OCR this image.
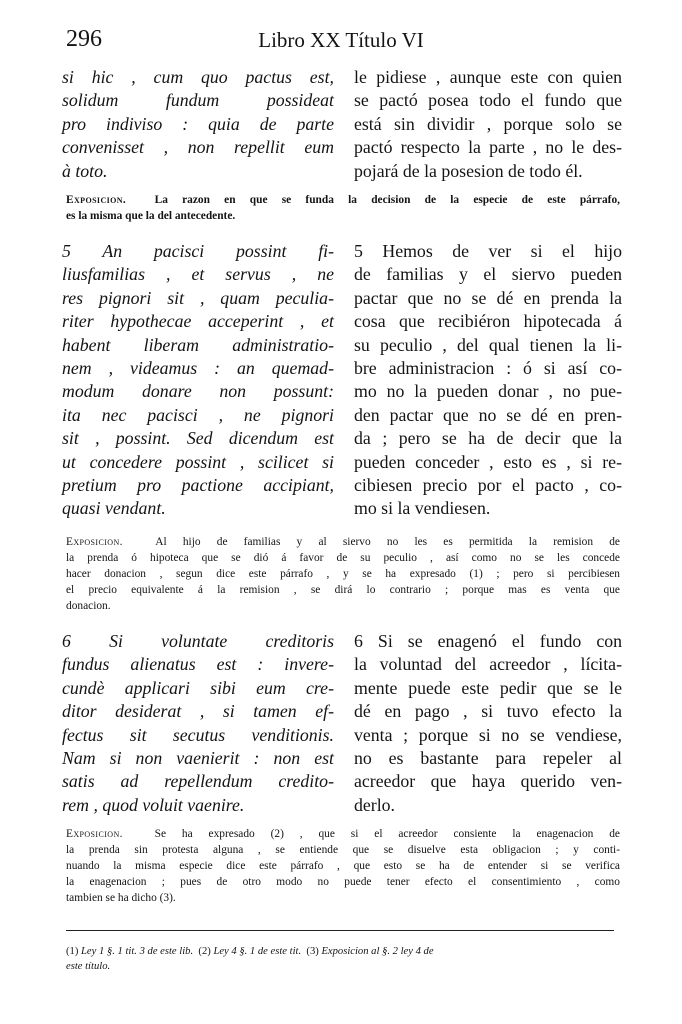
296	Libro XX Título VI
si hic , cum quo pactus est,
solidum fundum possideat
pro indiviso : quia de parte
convenisset , non repellit eum
à toto.
le pidiese , aunque este con quien
se pactó posea todo el fundo que
está sin dividir , porque solo se
pactó respecto la parte , no le des-
pojará de la posesion de todo él.
Exposicion. La razon en que se funda la decision de la especie de este párrafo,
es la misma que la del antecedente.
5 An pacisci possint fi-
liusfamilias , et servus , ne
res pignori sit , quam peculia-
riter hypothecae acceperint , et
habent liberam administratio-
nem , videamus : an quemad-
modum donare non possunt:
ita nec pacisci , ne pignori
sit , possint. Sed dicendum est
ut concedere possint , scilicet si
pretium pro pactione accipiant,
quasi vendant.
5 Hemos de ver si el hijo
de familias y el siervo pueden
pactar que no se dé en prenda la
cosa que recibiéron hipotecada á
su peculio , del qual tienen la li-
bre administracion : ó si así co-
mo no la pueden donar , no pue-
den pactar que no se dé en pren-
da ; pero se ha de decir que la
pueden conceder , esto es , si re-
cibiesen precio por el pacto , co-
mo si la vendiesen.
Exposicion.	Al hijo de familias y al siervo no les es permitida la remision de
la prenda ó hipoteca que se dió á favor de su peculio , así como no se les concede
hacer donacion , segun dice este párrafo , y se ha expresado (1) ; pero si percibiesen
el precio equivalente á la remision , se dirá lo contrario ; porque mas es venta que
donacion.
6 Si voluntate creditoris
fundus alienatus est : invere-
cundè applicari sibi eum cre-
ditor desiderat , si tamen ef-
fectus sit secutus venditionis.
Nam si non vaenierit : non est
satis ad repellendum credito-
rem , quod voluit vaenire.
6 Si se enagenó el fundo con
la voluntad del acreedor , lícita-
mente puede este pedir que se le
dé en pago , si tuvo efecto la
venta ; porque si no se vendiese,
no es bastante para repeler al
acreedor que haya querido ven-
derlo.
Exposicion.	Se ha expresado (2) , que si el acreedor consiente la enagenacion de
la prenda sin protesta alguna , se entiende que se disuelve esta obligacion ; y conti-
nuando la misma especie dice este párrafo , que esto se ha de entender si se verifica
la enagenacion ; pues de otro modo no puede tener efecto el consentimiento , como
tambien se ha dicho (3).
(1) Ley 1 §. 1 tit. 3 de este lib. (2) Ley 4 §. 1 de este tit. (3) Exposicion al §. 2 ley 4 de
este título.
